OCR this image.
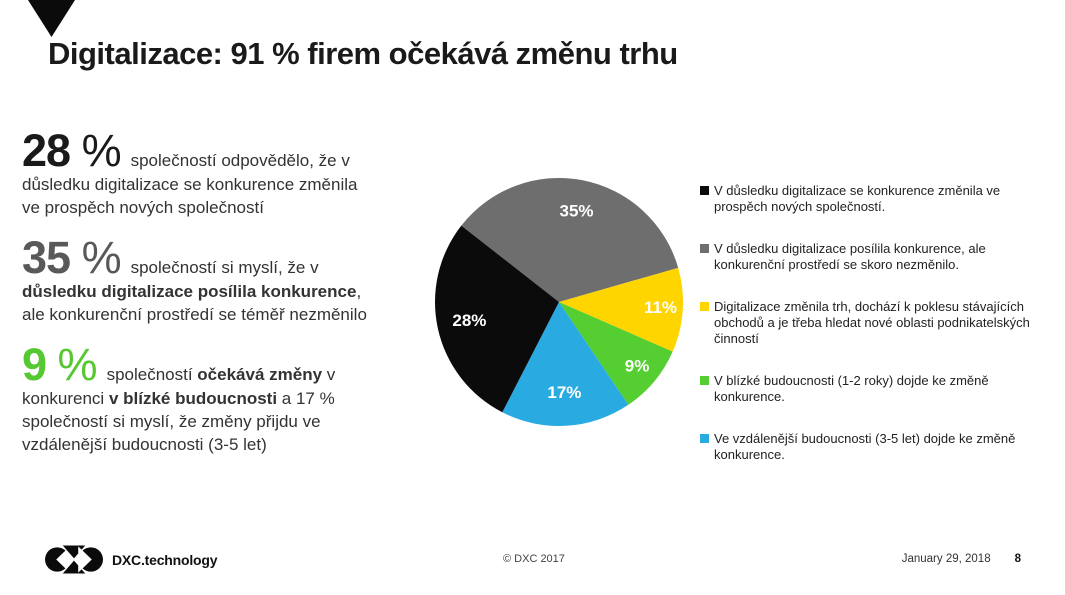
Digitalizace: 91 % firem očekává změnu trhu

28 % společností odpovědělo, že v důsledku digitalizace se konkurence změnila ve prospěch nových společností

35 % společností si myslí, že v důsledku digitalizace posílila konkurence, ale konkurenční prostředí se téměř nezměnilo

9 % společností očekává změny v konkurenci v blízké budoucnosti a 17 % společností si myslí, že změny přijdu ve vzdálenější budoucnosti (3-5 let)

35%
11%
9%
17%
28%
V důsledku digitalizace se konkurence změnila ve prospěch nových společností.
V důsledku digitalizace posílila konkurence, ale konkurenční prostředí se skoro nezměnilo.
Digitalizace změnila trh, dochází k poklesu stávajících obchodů a je třeba hledat nové oblasti podnikatelských činností
V blízké budoucnosti (1-2 roky) dojde ke změně konkurence.
Ve vzdálenější budoucnosti (3-5 let) dojde ke změně konkurence.
DXC.technology	© DXC 2017	January 29, 2018 8
